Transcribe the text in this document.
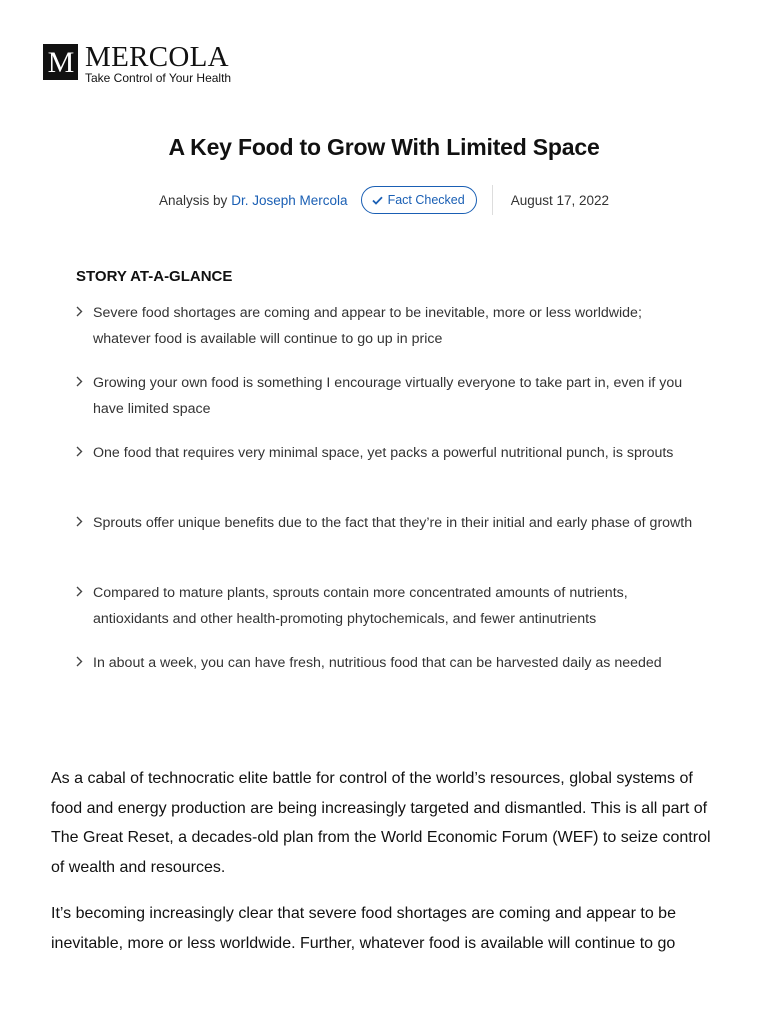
M MERCOLA
Take Control of Your Health
A Key Food to Grow With Limited Space
Analysis by Dr. Joseph Mercola	Fact Checked	August 17, 2022
STORY AT-A-GLANCE
Severe food shortages are coming and appear to be inevitable, more or less worldwide; whatever food is available will continue to go up in price
Growing your own food is something I encourage virtually everyone to take part in, even if you have limited space
One food that requires very minimal space, yet packs a powerful nutritional punch, is sprouts
Sprouts offer unique benefits due to the fact that they’re in their initial and early phase of growth
Compared to mature plants, sprouts contain more concentrated amounts of nutrients, antioxidants and other health-promoting phytochemicals, and fewer antinutrients
In about a week, you can have fresh, nutritious food that can be harvested daily as needed

As a cabal of technocratic elite battle for control of the world’s resources, global systems of food and energy production are being increasingly targeted and dismantled. This is all part of The Great Reset, a decades-old plan from the World Economic Forum (WEF) to seize control of wealth and resources.

It’s becoming increasingly clear that severe food shortages are coming and appear to be inevitable, more or less worldwide. Further, whatever food is available will continue to go
